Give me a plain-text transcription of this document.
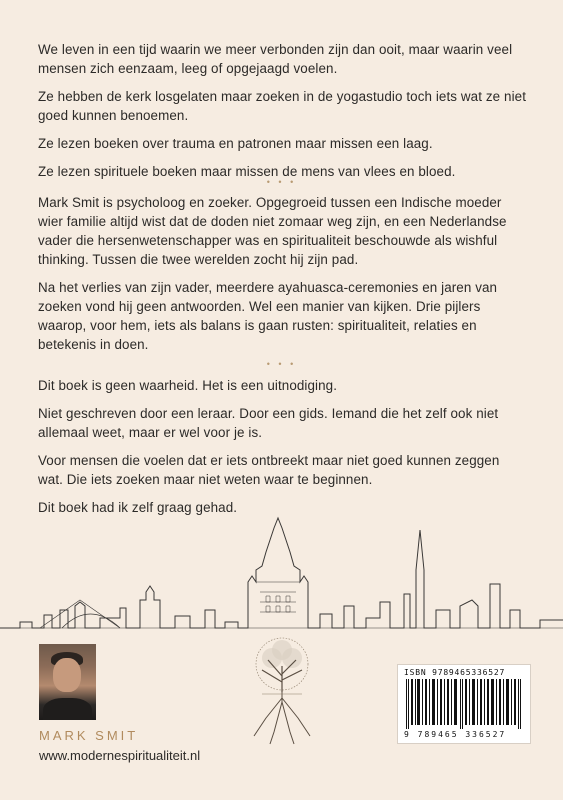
We leven in een tijd waarin we meer verbonden zijn dan ooit, maar waarin veel mensen zich eenzaam, leeg of opgejaagd voelen.

Ze hebben de kerk losgelaten maar zoeken in de yogastudio toch iets wat ze niet goed kunnen benoemen.

Ze lezen boeken over trauma en patronen maar missen een laag.

Ze lezen spirituele boeken maar missen de mens van vlees en bloed.

• • •

Mark Smit is psycholoog en zoeker. Opgegroeid tussen een Indische moeder wier familie altijd wist dat de doden niet zomaar weg zijn, en een Nederlandse vader die hersenwetenschapper was en spiritualiteit beschouwde als wishful thinking. Tussen die twee werelden zocht hij zijn pad.

Na het verlies van zijn vader, meerdere ayahuasca-ceremonies en jaren van zoeken vond hij geen antwoorden. Wel een manier van kijken. Drie pijlers waarop, voor hem, iets als balans is gaan rusten: spiritualiteit, relaties en betekenis in doen.

• • •

Dit boek is geen waarheid. Het is een uitnodiging.

Niet geschreven door een leraar. Door een gids. Iemand die het zelf ook niet allemaal weet, maar er wel voor je is.

Voor mensen die voelen dat er iets ontbreekt maar niet goed kunnen zeggen wat. Die iets zoeken maar niet weten waar te beginnen.

Dit boek had ik zelf graag gehad.

MARK SMIT
www.modernespiritualiteit.nl
ISBN 9789465336527
9 789465 336527
